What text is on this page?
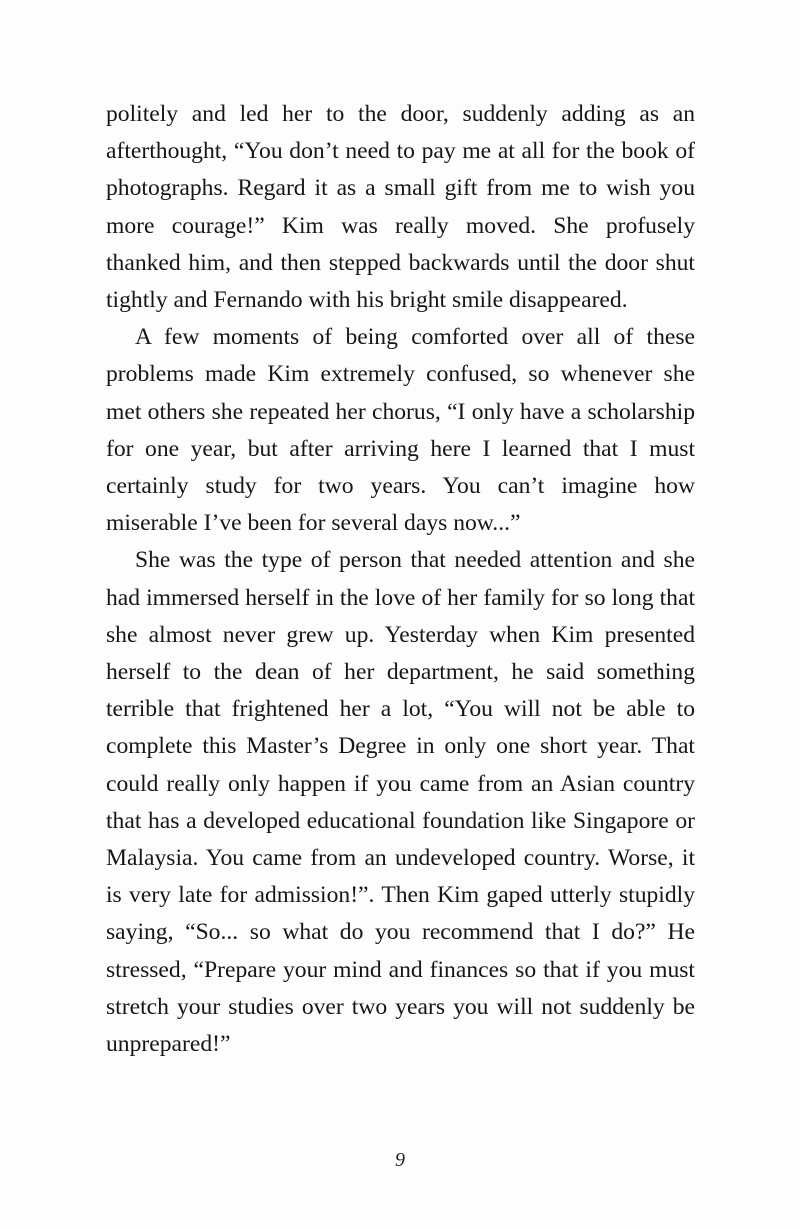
politely and led her to the door, suddenly adding as an afterthought, “You don’t need to pay me at all for the book of photographs. Regard it as a small gift from me to wish you more courage!” Kim was really moved. She profusely thanked him, and then stepped backwards until the door shut tightly and Fernando with his bright smile disappeared.

A few moments of being comforted over all of these problems made Kim extremely confused, so whenever she met others she repeated her chorus, “I only have a scholarship for one year, but after arriving here I learned that I must certainly study for two years. You can’t imagine how miserable I’ve been for several days now...”

She was the type of person that needed attention and she had immersed herself in the love of her family for so long that she almost never grew up. Yesterday when Kim presented herself to the dean of her department, he said something terrible that frightened her a lot, “You will not be able to complete this Master’s Degree in only one short year. That could really only happen if you came from an Asian country that has a developed educational foundation like Singapore or Malaysia. You came from an undeveloped country. Worse, it is very late for admission!”. Then Kim gaped utterly stupidly saying, “So... so what do you recommend that I do?” He stressed, “Prepare your mind and finances so that if you must stretch your studies over two years you will not suddenly be unprepared!”

9
